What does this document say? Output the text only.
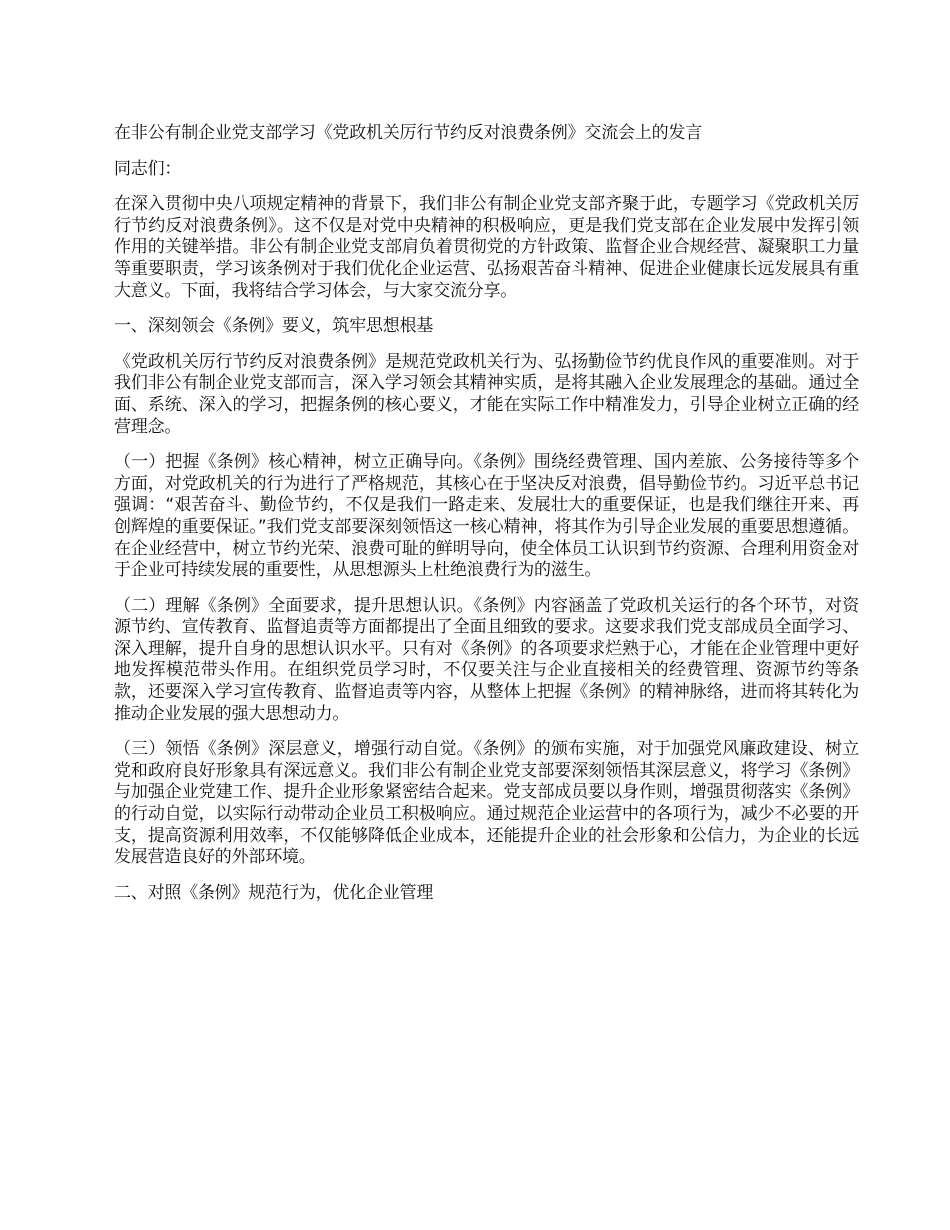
在非公有制企业党支部学习《党政机关厉行节约反对浪费条例》交流会上的发言

同志们：

在深入贯彻中央八项规定精神的背景下，我们非公有制企业党支部齐聚于此，专题学习《党政机关厉行节约反对浪费条例》。这不仅是对党中央精神的积极响应，更是我们党支部在企业发展中发挥引领作用的关键举措。非公有制企业党支部肩负着贯彻党的方针政策、监督企业合规经营、凝聚职工力量等重要职责，学习该条例对于我们优化企业运营、弘扬艰苦奋斗精神、促进企业健康长远发展具有重大意义。下面，我将结合学习体会，与大家交流分享。

一、深刻领会《条例》要义，筑牢思想根基

《党政机关厉行节约反对浪费条例》是规范党政机关行为、弘扬勤俭节约优良作风的重要准则。对于我们非公有制企业党支部而言，深入学习领会其精神实质，是将其融入企业发展理念的基础。通过全面、系统、深入的学习，把握条例的核心要义，才能在实际工作中精准发力，引导企业树立正确的经营理念。

（一）把握《条例》核心精神，树立正确导向。《条例》围绕经费管理、国内差旅、公务接待等多个方面，对党政机关的行为进行了严格规范，其核心在于坚决反对浪费，倡导勤俭节约。习近平总书记强调：“艰苦奋斗、勤俭节约，不仅是我们一路走来、发展壮大的重要保证，也是我们继往开来、再创辉煌的重要保证。”我们党支部要深刻领悟这一核心精神，将其作为引导企业发展的重要思想遵循。在企业经营中，树立节约光荣、浪费可耻的鲜明导向，使全体员工认识到节约资源、合理利用资金对于企业可持续发展的重要性，从思想源头上杜绝浪费行为的滋生。

（二）理解《条例》全面要求，提升思想认识。《条例》内容涵盖了党政机关运行的各个环节，对资源节约、宣传教育、监督追责等方面都提出了全面且细致的要求。这要求我们党支部成员全面学习、深入理解，提升自身的思想认识水平。只有对《条例》的各项要求烂熟于心，才能在企业管理中更好地发挥模范带头作用。在组织党员学习时，不仅要关注与企业直接相关的经费管理、资源节约等条款，还要深入学习宣传教育、监督追责等内容，从整体上把握《条例》的精神脉络，进而将其转化为推动企业发展的强大思想动力。

（三）领悟《条例》深层意义，增强行动自觉。《条例》的颁布实施，对于加强党风廉政建设、树立党和政府良好形象具有深远意义。我们非公有制企业党支部要深刻领悟其深层意义，将学习《条例》与加强企业党建工作、提升企业形象紧密结合起来。党支部成员要以身作则，增强贯彻落实《条例》的行动自觉，以实际行动带动企业员工积极响应。通过规范企业运营中的各项行为，减少不必要的开支，提高资源利用效率，不仅能够降低企业成本，还能提升企业的社会形象和公信力，为企业的长远发展营造良好的外部环境。

二、对照《条例》规范行为，优化企业管理
